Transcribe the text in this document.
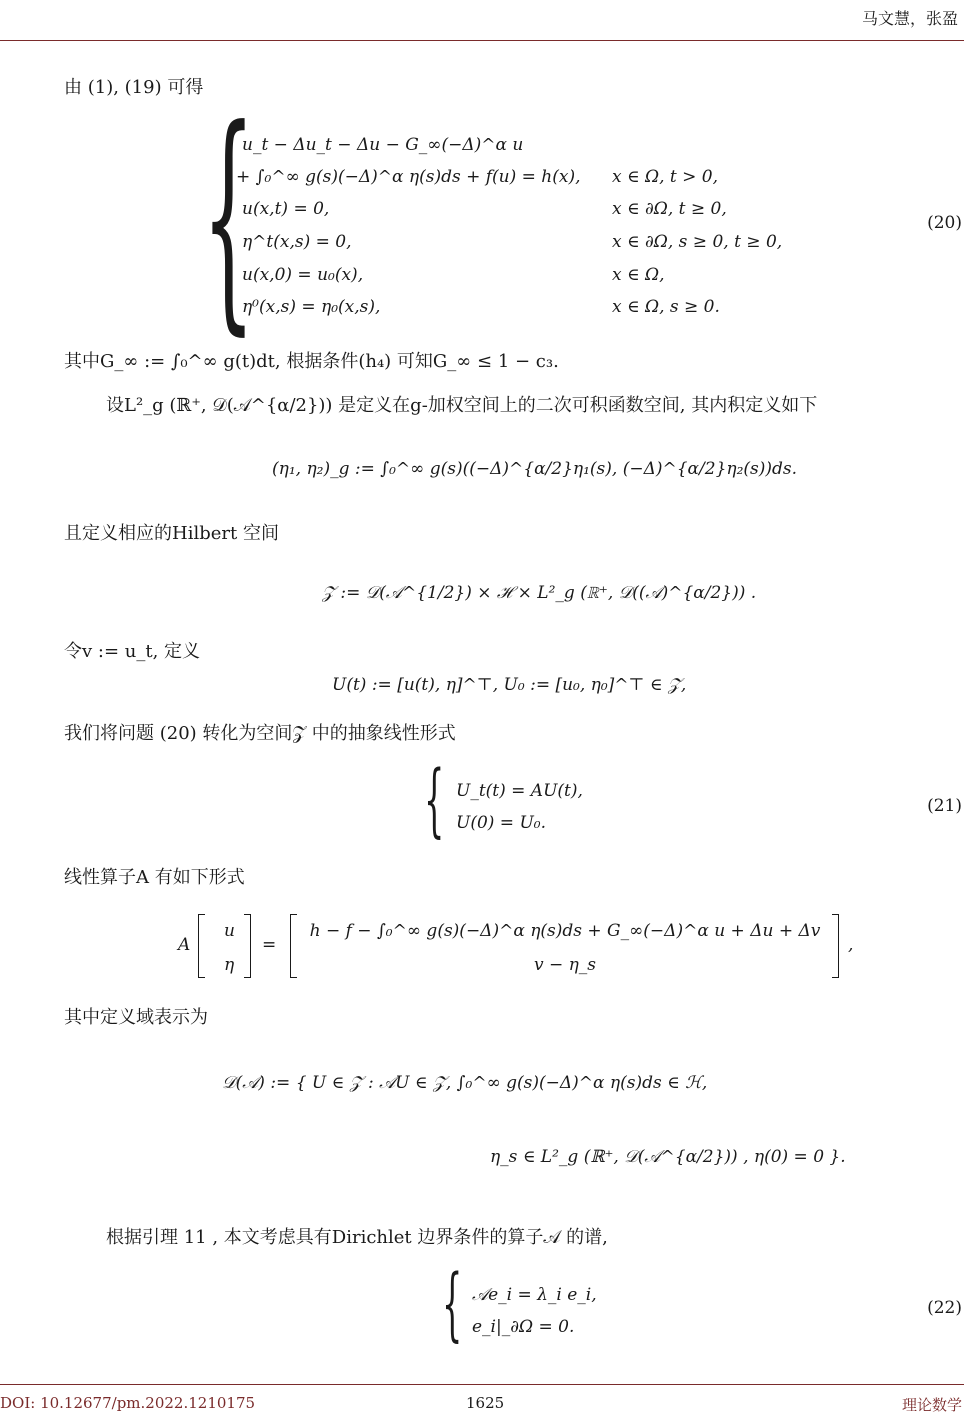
马文慧，张盈
由 (1), (19) 可得
{
u_t − Δu_t − Δu − G_∞(−Δ)^α u
+ ∫₀^∞ g(s)(−Δ)^α η(s)ds + f(u) = h(x), x ∈ Ω, t > 0,
u(x,t) = 0,	x ∈ ∂Ω, t ≥ 0,
η^t(x,s) = 0,	x ∈ ∂Ω, s ≥ 0, t ≥ 0,
u(x,0) = u₀(x),	x ∈ Ω,
η⁰(x,s) = η₀(x,s),	x ∈ Ω, s ≥ 0.
(20)
其中G_∞ := ∫₀^∞ g(t)dt, 根据条件(h₄) 可知G_∞ ≤ 1 − c₃.
设L²_g (ℝ⁺, 𝒟(𝒜^{α/2})) 是定义在g-加权空间上的二次可积函数空间, 其内积定义如下
(η₁, η₂)_g := ∫₀^∞ g(s)((−Δ)^{α/2}η₁(s), (−Δ)^{α/2}η₂(s))ds.
且定义相应的Hilbert 空间
𝒵 := 𝒟(𝒜^{1/2}) × ℋ × L²_g (ℝ⁺, 𝒟((𝒜)^{α/2})) .
令v := u_t, 定义
U(t) := [u(t), η]^⊤, U₀ := [u₀, η₀]^⊤ ∈ 𝒵,
我们将问题 (20) 转化为空间𝒵 中的抽象线性形式
{ U_t(t) = AU(t),
U(0) = U₀.
(21)
线性算子A 有如下形式
A
u
η
=
h − f − ∫₀^∞ g(s)(−Δ)^α η(s)ds + G_∞(−Δ)^α u + Δu + Δv
v − η_s
,
其中定义域表示为
𝒟(𝒜) := { U ∈ 𝒵 : 𝒜U ∈ 𝒵, ∫₀^∞ g(s)(−Δ)^α η(s)ds ∈ ℋ,
η_s ∈ L²_g (ℝ⁺, 𝒟(𝒜^{α/2})) , η(0) = 0 }.
根据引理 11 , 本文考虑具有Dirichlet 边界条件的算子𝒜 的谱,
{ 𝒜e_i = λ_i e_i,
e_i|_∂Ω = 0.
(22)
DOI: 10.12677/pm.2022.1210175	1625	理论数学
